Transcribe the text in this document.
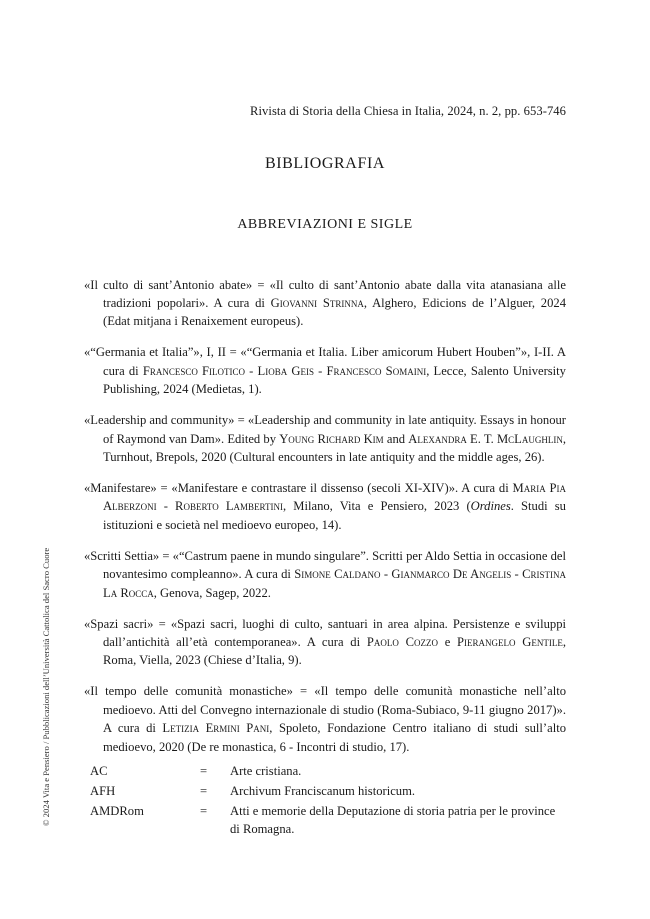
Rivista di Storia della Chiesa in Italia, 2024, n. 2, pp. 653-746
BIBLIOGRAFIA
ABBREVIAZIONI E SIGLE

«Il culto di sant’Antonio abate» = «Il culto di sant’Antonio abate dalla vita atanasiana alle tradizioni popolari». A cura di Giovanni Strinna, Alghero, Edicions de l’Alguer, 2024 (Edat mitjana i Renaixement europeus).

«“Germania et Italia”», I, II = «“Germania et Italia. Liber amicorum Hubert Houben”», I-II. A cura di Francesco Filotico - Lioba Geis - Francesco Somaini, Lecce, Salento University Publishing, 2024 (Medietas, 1).

«Leadership and community» = «Leadership and community in late antiquity. Essays in honour of Raymond van Dam». Edited by Young Richard Kim and Alexandra E. T. McLaughlin, Turnhout, Brepols, 2020 (Cultural encounters in late antiquity and the middle ages, 26).

«Manifestare» = «Manifestare e contrastare il dissenso (secoli XI-XIV)». A cura di Maria Pia Alberzoni - Roberto Lambertini, Milano, Vita e Pensiero, 2023 (Ordines. Studi su istituzioni e società nel medioevo europeo, 14).

«Scritti Settia» = «“Castrum paene in mundo singulare”. Scritti per Aldo Settia in occasione del novantesimo compleanno». A cura di Simone Caldano - Gianmarco De Angelis - Cristina La Rocca, Genova, Sagep, 2022.

«Spazi sacri» = «Spazi sacri, luoghi di culto, santuari in area alpina. Persistenze e sviluppi dall’antichità all’età contemporanea». A cura di Paolo Cozzo e Pierangelo Gentile, Roma, Viella, 2023 (Chiese d’Italia, 9).

«Il tempo delle comunità monastiche» = «Il tempo delle comunità monastiche nell’alto medioevo. Atti del Convegno internazionale di studio (Roma-Subiaco, 9-11 giugno 2017)». A cura di Letizia Ermini Pani, Spoleto, Fondazione Centro italiano di studi sull’alto medioevo, 2020 (De re monastica, 6 - Incontri di studio, 17).

AC	=	Arte cristiana.
AFH	=	Archivum Franciscanum historicum.
AMDRom	=	Atti e memorie della Deputazione di storia patria per le province di Romagna.
© 2024 Vita e Pensiero / Pubblicazioni dell’Università Cattolica del Sacro Cuore
